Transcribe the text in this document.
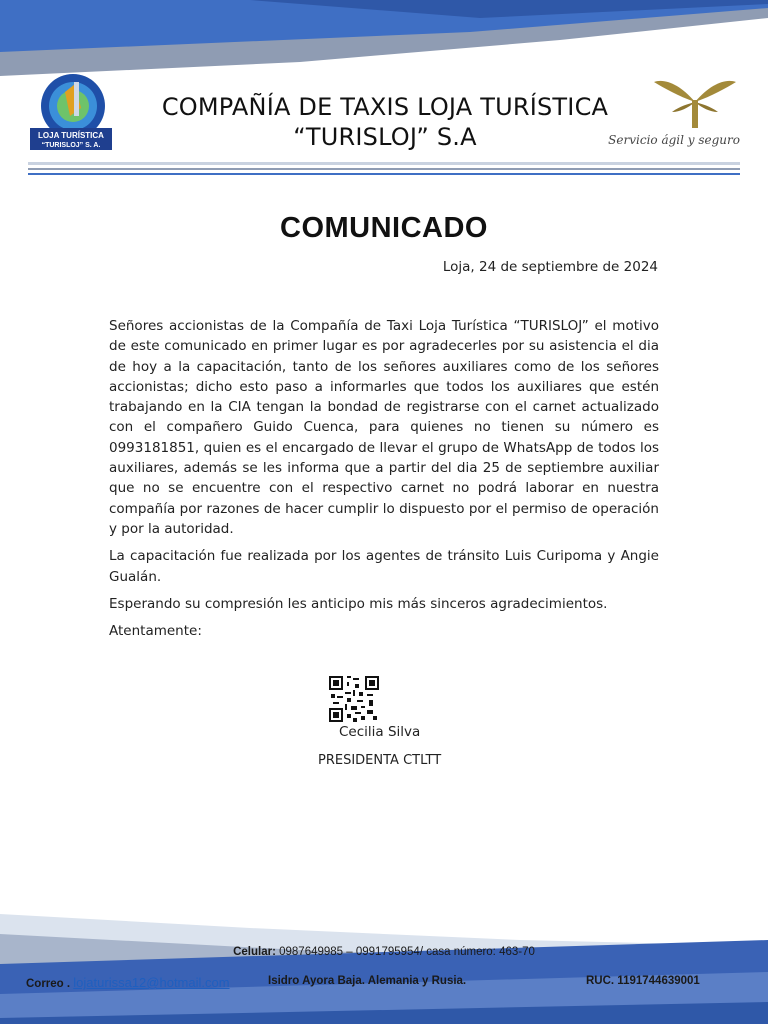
LOJA TURÍSTICA
“TURISLOJ” S. A.
COMPAÑÍA DE TAXIS LOJA TURÍSTICA
“TURISLOJ” S.A	Servicio ágil y seguro
COMUNICADO
Loja, 24 de septiembre de 2024

Señores accionistas de la Compañía de Taxi Loja Turística “TURISLOJ” el motivo de este comunicado en primer lugar es por agradecerles por su asistencia el dia de hoy a la capacitación, tanto de los señores auxiliares como de los señores accionistas; dicho esto paso a informarles que todos los auxiliares que estén trabajando en la CIA tengan la bondad de registrarse con el carnet actualizado con el compañero Guido Cuenca, para quienes no tienen su número es 0993181851, quien es el encargado de llevar el grupo de WhatsApp de todos los auxiliares, además se les informa que a partir del dia 25 de septiembre auxiliar que no se encuentre con el respectivo carnet no podrá laborar en nuestra compañía por razones de hacer cumplir lo dispuesto por el permiso de operación y por la autoridad.

La capacitación fue realizada por los agentes de tránsito Luis Curipoma y Angie Gualán.

Esperando su compresión les anticipo mis más sinceros agradecimientos.

Atentamente:

Cecilia Silva
PRESIDENTA CTLTT
Celular: 0987649985 – 0991795954/ casa número: 463-70
Correo . lojaturissa12@hotmail.com	Isidro Ayora Baja. Alemania y Rusia.	RUC. 1191744639001
